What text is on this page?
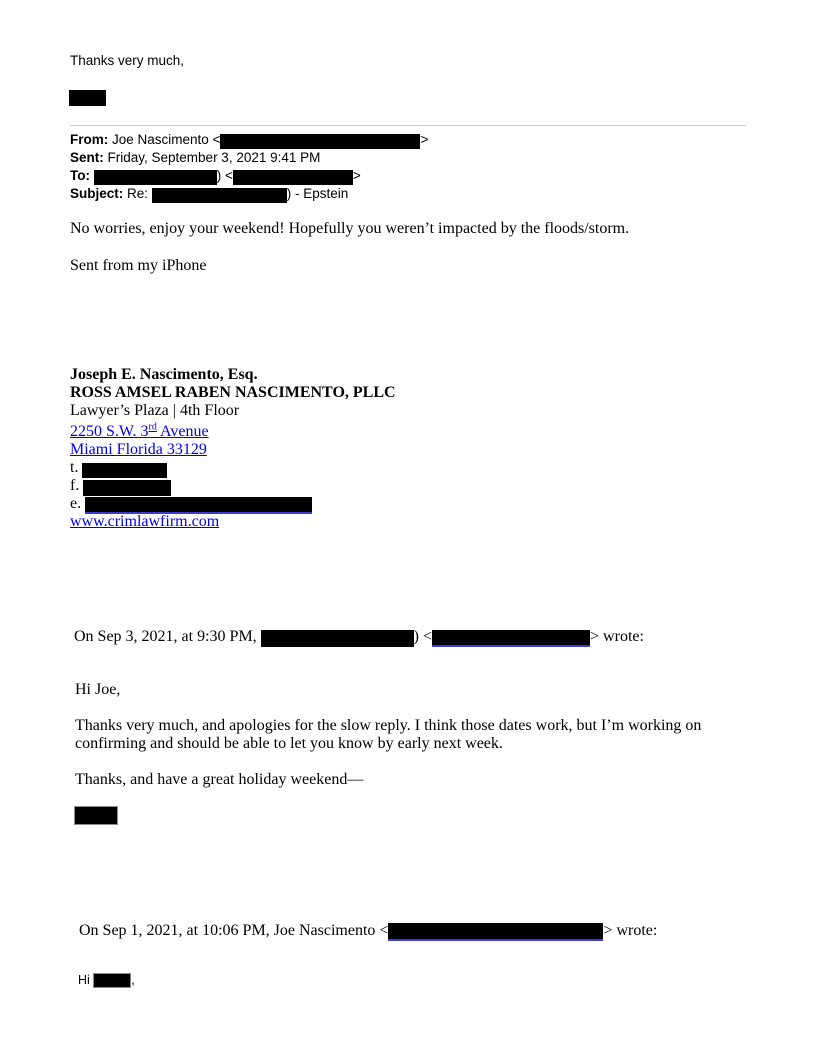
Thanks very much,
From: Joe Nascimento <	>
Sent: Friday, September 3, 2021 9:41 PM
To:	) <	>
Subject: Re:	) - Epstein
No worries, enjoy your weekend! Hopefully you weren’t impacted by the floods/storm.
Sent from my iPhone
Joseph E. Nascimento, Esq.
ROSS AMSEL RABEN NASCIMENTO, PLLC
Lawyer’s Plaza | 4th Floor
2250 S.W. 3rd Avenue
Miami Florida 33129
t.
f.
e.
www.crimlawfirm.com
On Sep 3, 2021, at 9:30 PM,	) <	> wrote:
Hi Joe,
Thanks very much, and apologies for the slow reply. I think those dates work, but I’m working on confirming and should be able to let you know by early next week.
Thanks, and have a great holiday weekend—
On Sep 1, 2021, at 10:06 PM, Joe Nascimento <	> wrote:
Hi	,
